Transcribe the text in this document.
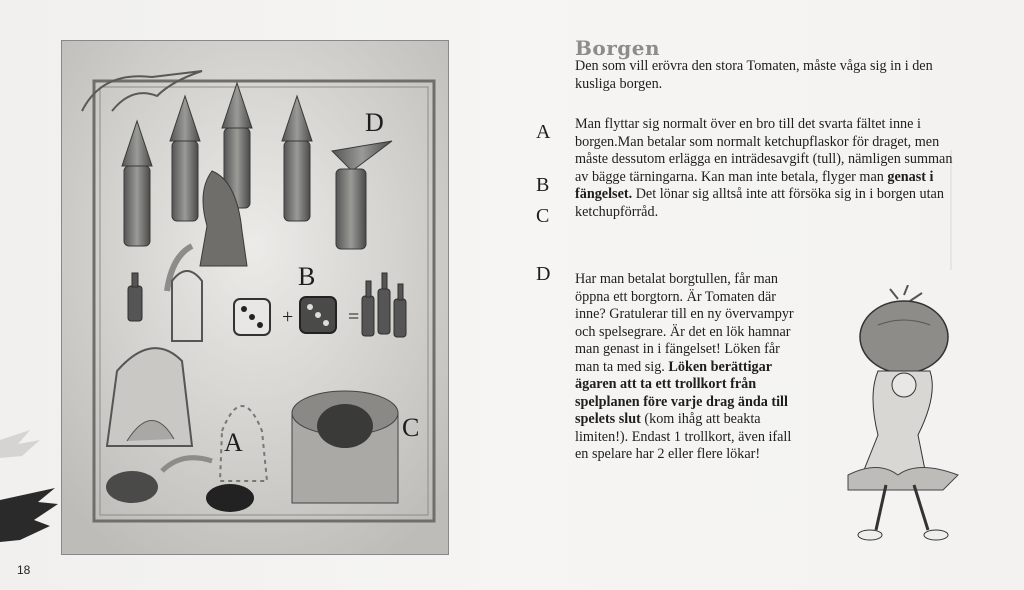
D
B
A
C
+	=
Borgen
Den som vill erövra den stora Tomaten, måste våga sig in i den kusliga borgen.
A
B
C
D
Man flyttar sig normalt över en bro till det svarta fältet inne i borgen.Man betalar som normalt ketchupflaskor för draget, men måste dessutom erlägga en inträdesavgift (tull), nämligen summan av bägge tärningarna. Kan man inte betala, flyger man genast i fängelset. Det lönar sig alltså inte att försöka sig in i borgen utan ketchupförråd.
Har man betalat borgtullen, får man öppna ett borgtorn. Är Tomaten där inne? Gratulerar till en ny övervampyr och spelsegrare. Är det en lök hamnar man genast in i fängelset! Löken får man ta med sig. Löken berättigar ägaren att ta ett trollkort från spelplanen före varje drag ända till spelets slut (kom ihåg att beakta limiten!). Endast 1 trollkort, även ifall en spelare har 2 eller flere lökar!
18
